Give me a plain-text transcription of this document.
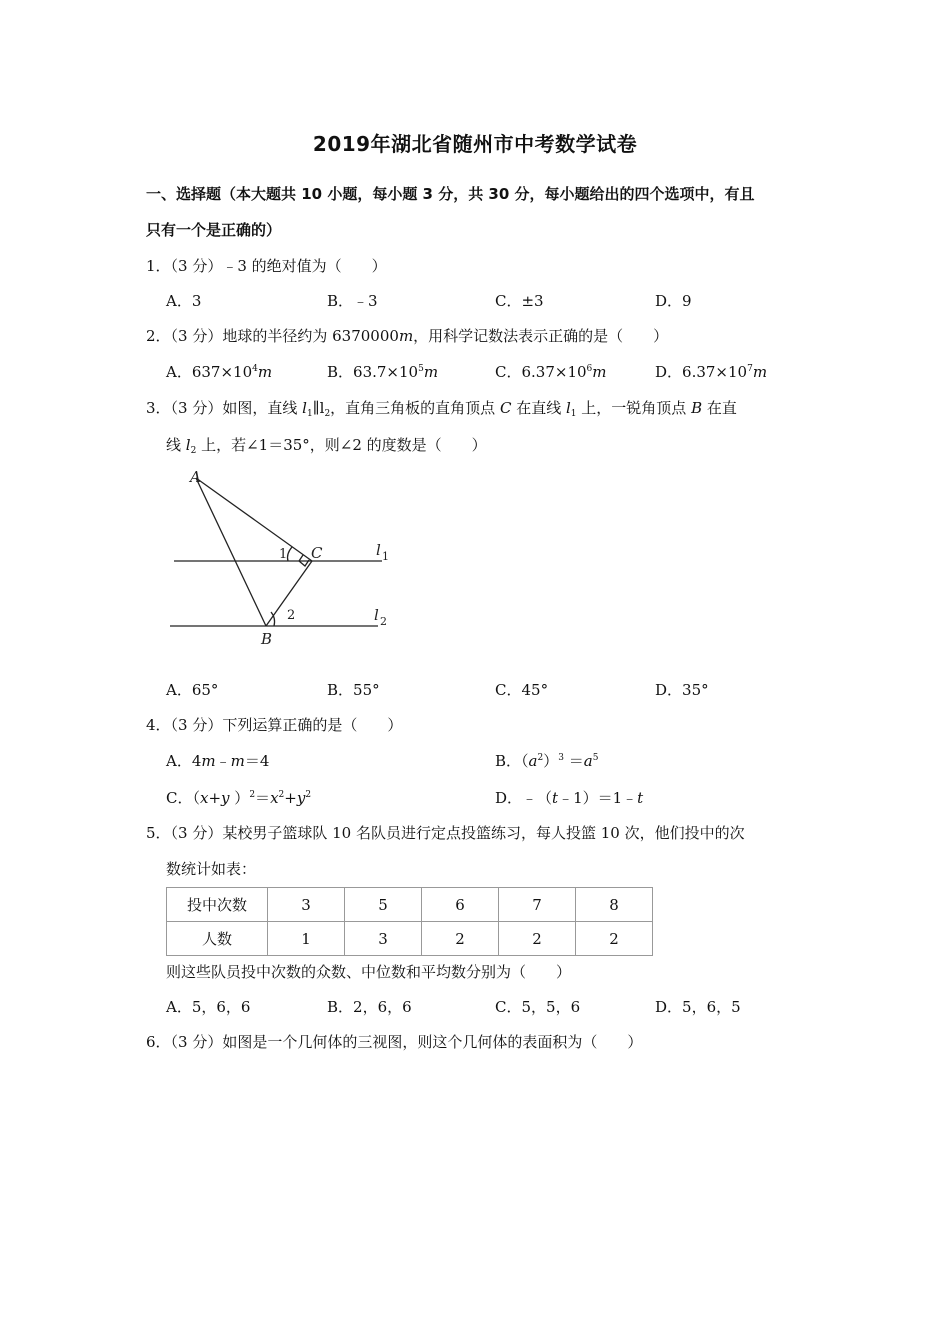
2019年湖北省随州市中考数学试卷
一、选择题（本大题共 10 小题，每小题 3 分，共 30 分，每小题给出的四个选项中，有且
只有一个是正确的）
1．（3 分）﹣3 的绝对值为（　　）
A．3	B．﹣3	C．±3	D．9
2．（3 分）地球的半径约为 6370000m，用科学记数法表示正确的是（　　）
A．$637\times 10^4m$	B．$63.7\times 10^5m$	C．$6.37\times 10^6m$	D．$6.37\times 10^7m$
3．（3 分）如图，直线 $l_1\parallel l_2$，直角三角板的直角顶点 C 在直线 $l_1$ 上，一锐角顶点 B 在直
线 $l_2$ 上，若∠1＝35°，则∠2 的度数是（　　）
A
B
C	l
l
1
2
1
2
A．65°	B．55°	C．45°	D．35°
4．（3 分）下列运算正确的是（　　）
A．4m﹣m＝4	B．$(a^2)^3 =a^5$
C．（x+y ）$^2=x^2+y^2$	D．﹣（t﹣1）＝1﹣t
5．（3 分）某校男子篮球队 10 名队员进行定点投篮练习，每人投篮 10 次，他们投中的次
数统计如表：
投中次数	3	5	6	7	8
人数	1	3	2	2	2
则这些队员投中次数的众数、中位数和平均数分别为（　　）
A．5，6，6	B．2，6，6	C．5，5，6	D．5，6，5
6．（3 分）如图是一个几何体的三视图，则这个几何体的表面积为（　　）
